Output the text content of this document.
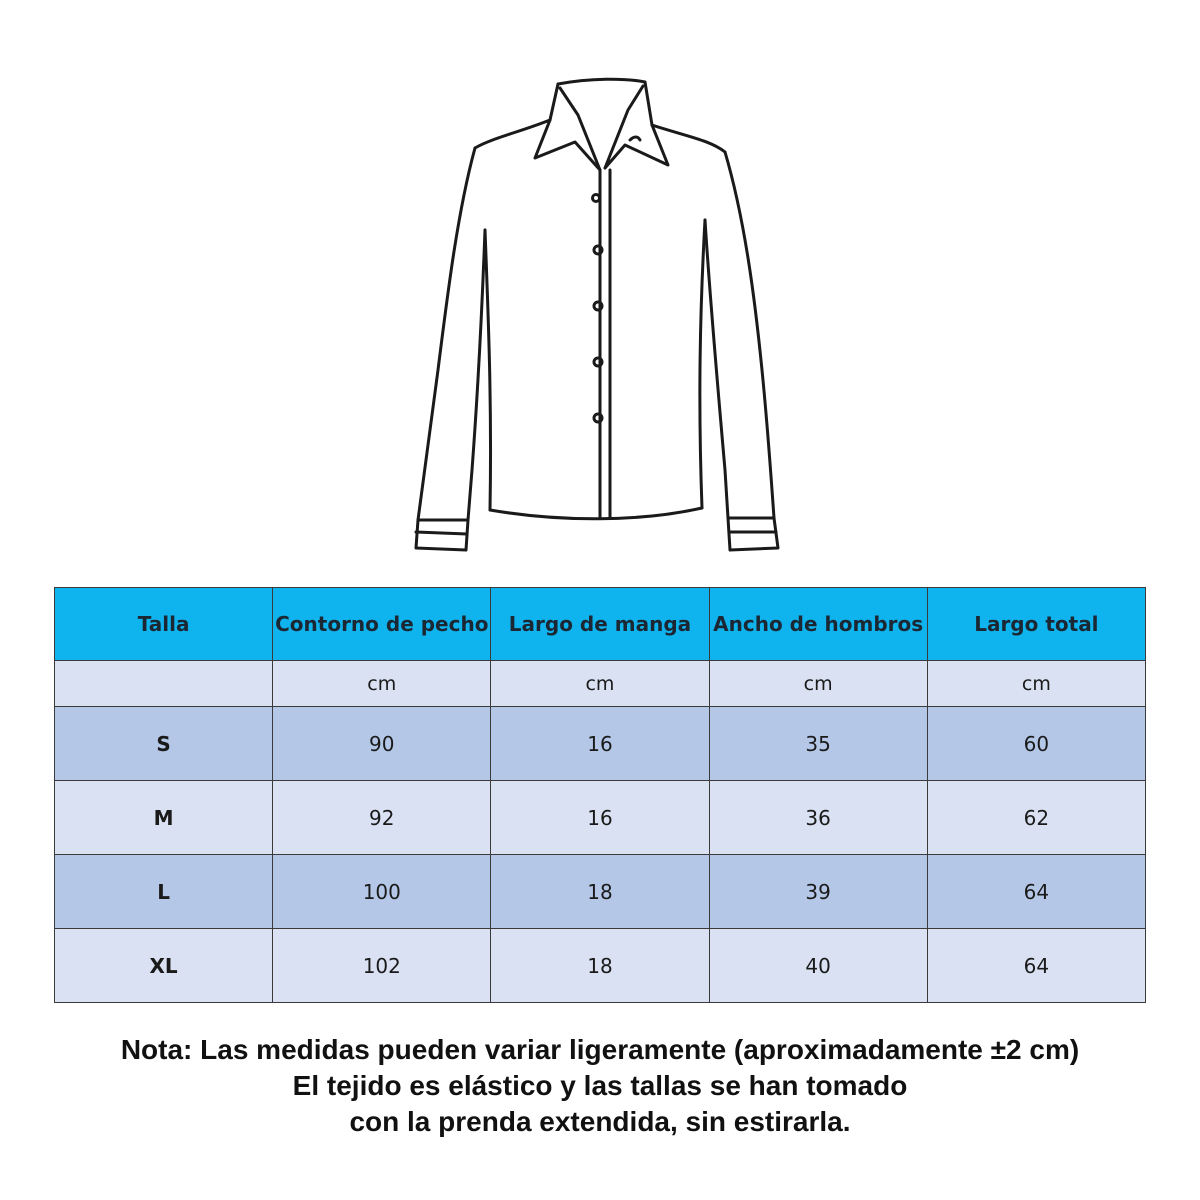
Talla	Contorno de pecho	Largo de manga	Ancho de hombros	Largo total
	cm	cm	cm	cm
S	90	16	35	60
M	92	16	36	62
L	100	18	39	64
XL	102	18	40	64
Nota: Las medidas pueden variar ligeramente (aproximadamente ±2 cm)
El tejido es elástico y las tallas se han tomado
con la prenda extendida, sin estirarla.
